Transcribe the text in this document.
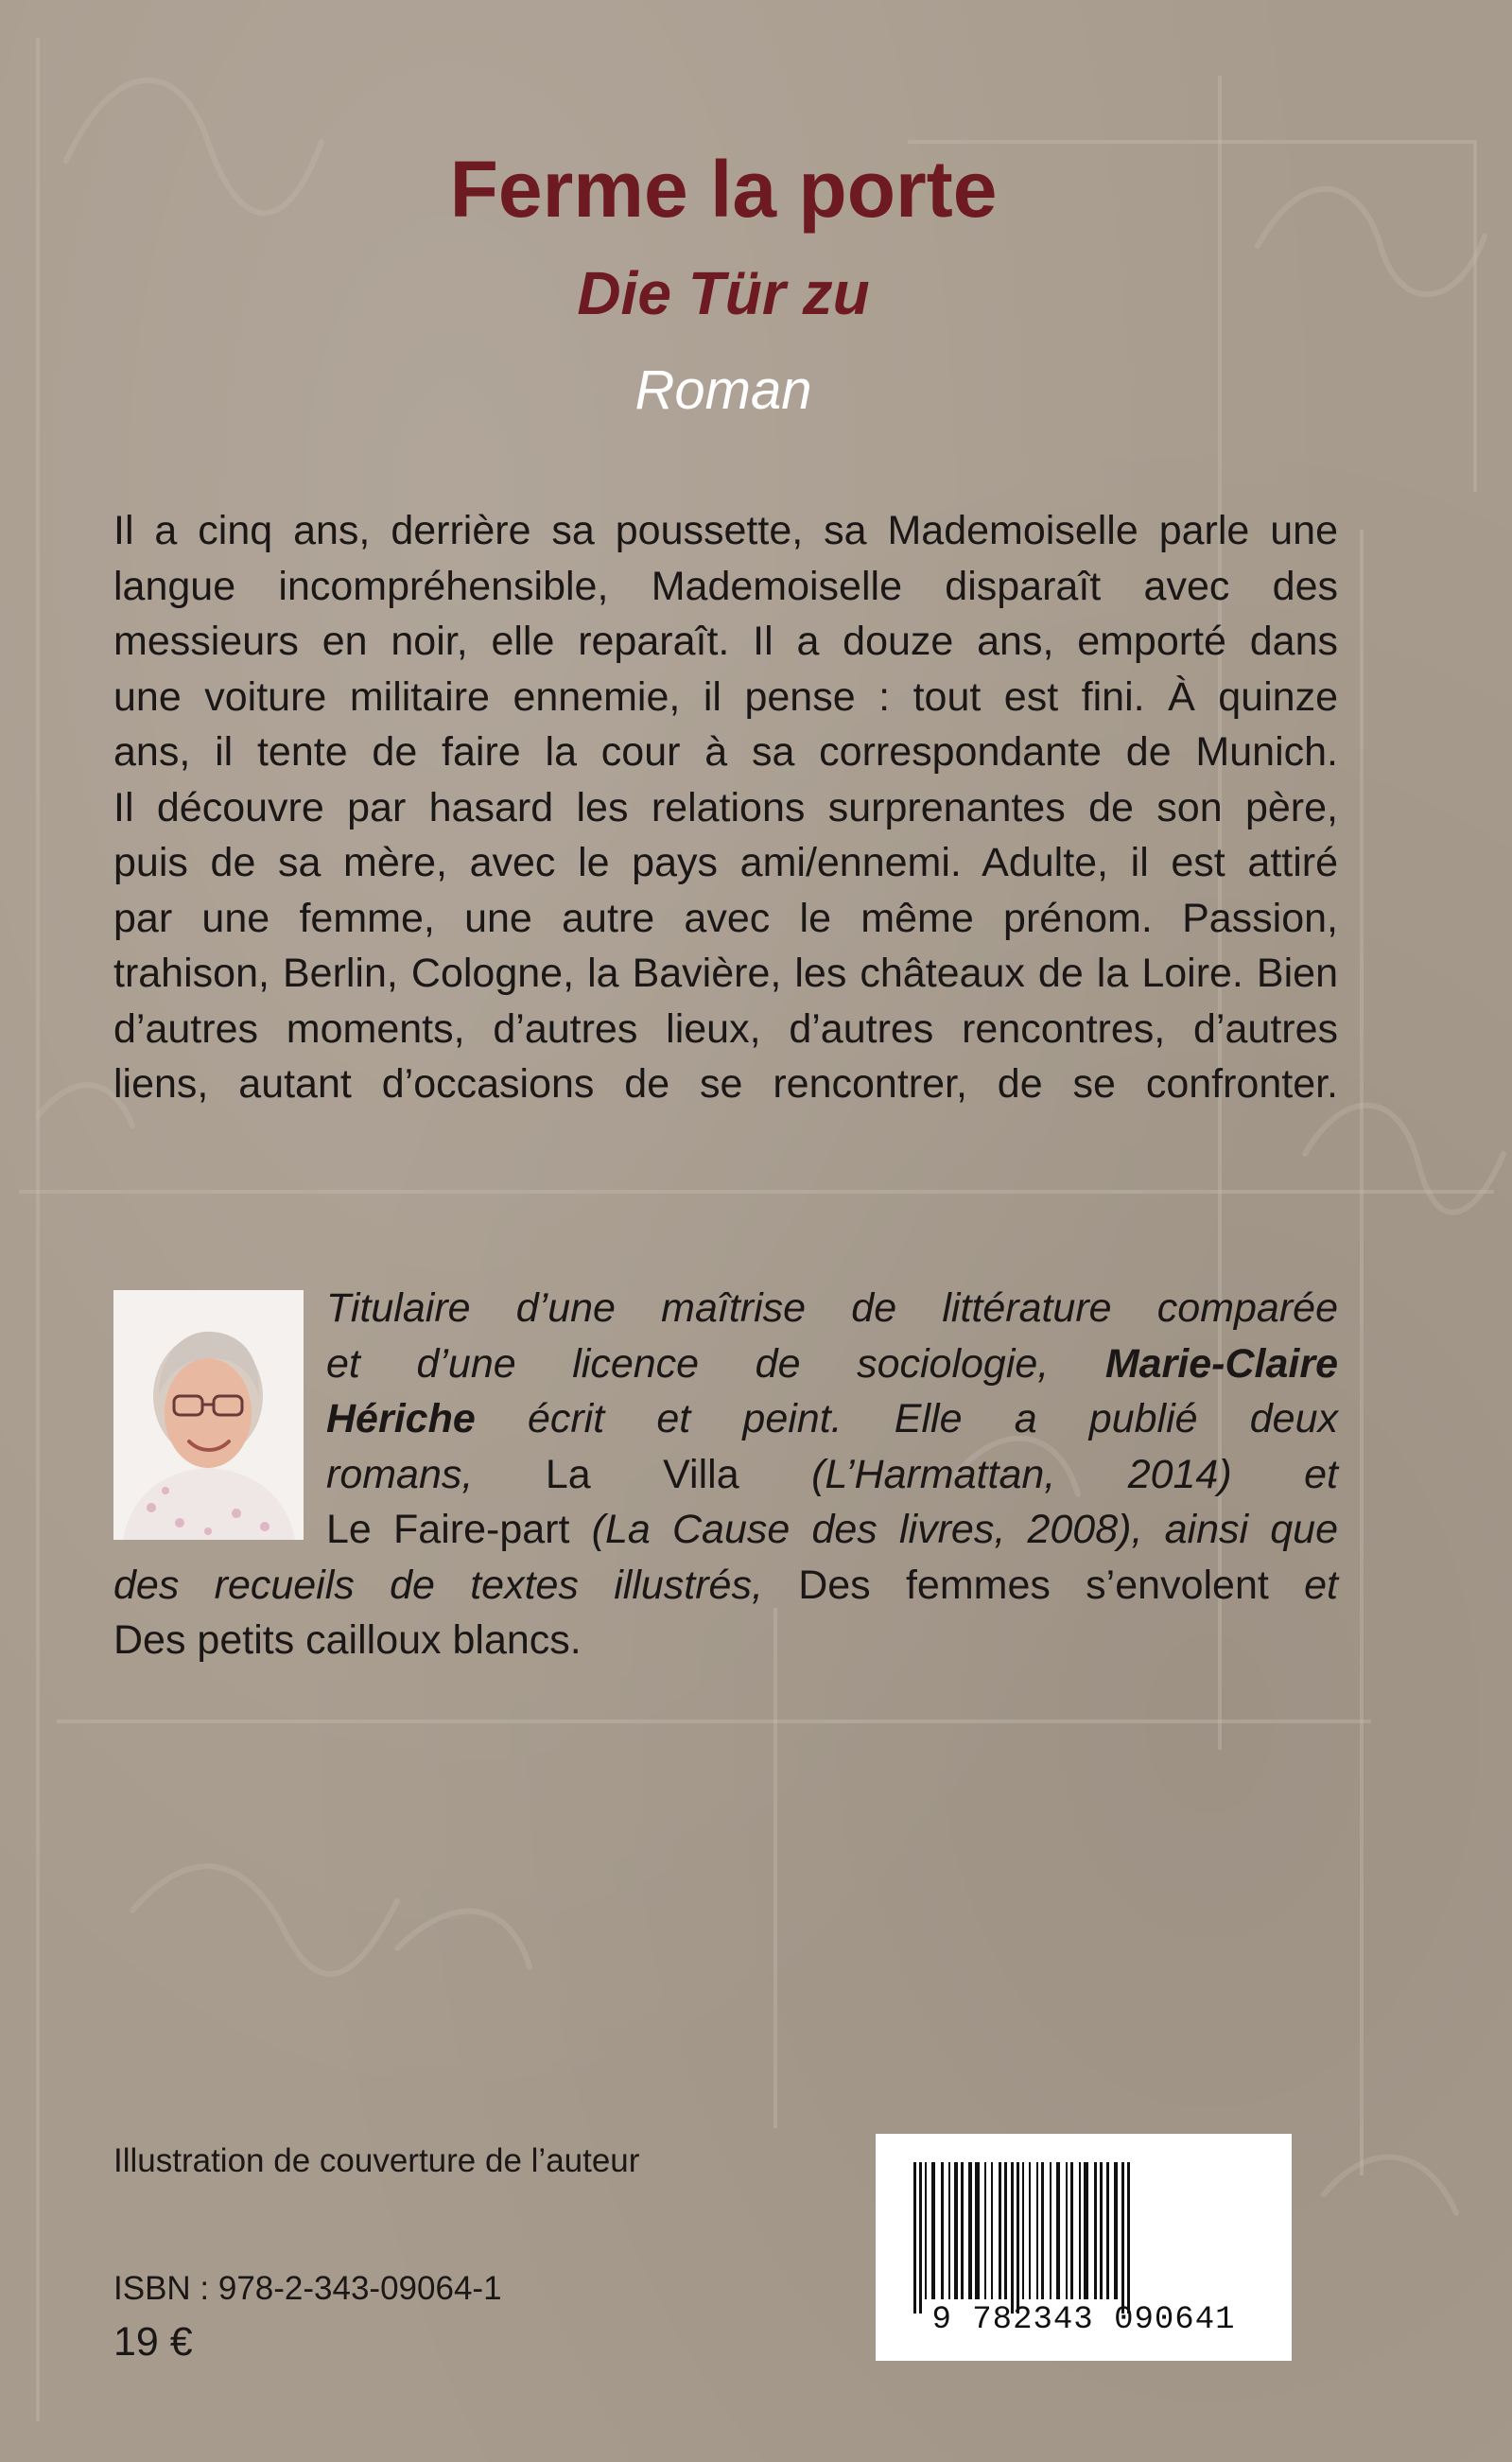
Ferme la porte
Die Tür zu
Roman
Il a cinq ans, derrière sa poussette, sa Mademoiselle parle une
langue incompréhensible, Mademoiselle disparaît avec des
messieurs en noir, elle reparaît. Il a douze ans, emporté dans
une voiture militaire ennemie, il pense : tout est fini. À quinze
ans, il tente de faire la cour à sa correspondante de Munich.
Il découvre par hasard les relations surprenantes de son père,
puis de sa mère, avec le pays ami/ennemi. Adulte, il est attiré
par une femme, une autre avec le même prénom. Passion,
trahison, Berlin, Cologne, la Bavière, les châteaux de la Loire. Bien
d’autres moments, d’autres lieux, d’autres rencontres, d’autres
liens, autant d’occasions de se rencontrer, de se confronter.
Titulaire d’une maîtrise de littérature comparée
et d’une licence de sociologie, Marie-Claire
Hériche écrit et peint. Elle a publié deux
romans, La Villa (L’Harmattan, 2014) et
Le Faire-part (La Cause des livres, 2008), ainsi que
des recueils de textes illustrés, Des femmes s’envolent et
Des petits cailloux blancs.
Illustration de couverture de l’auteur
ISBN : 978-2-343-09064-1
19 €	9 782343 090641
